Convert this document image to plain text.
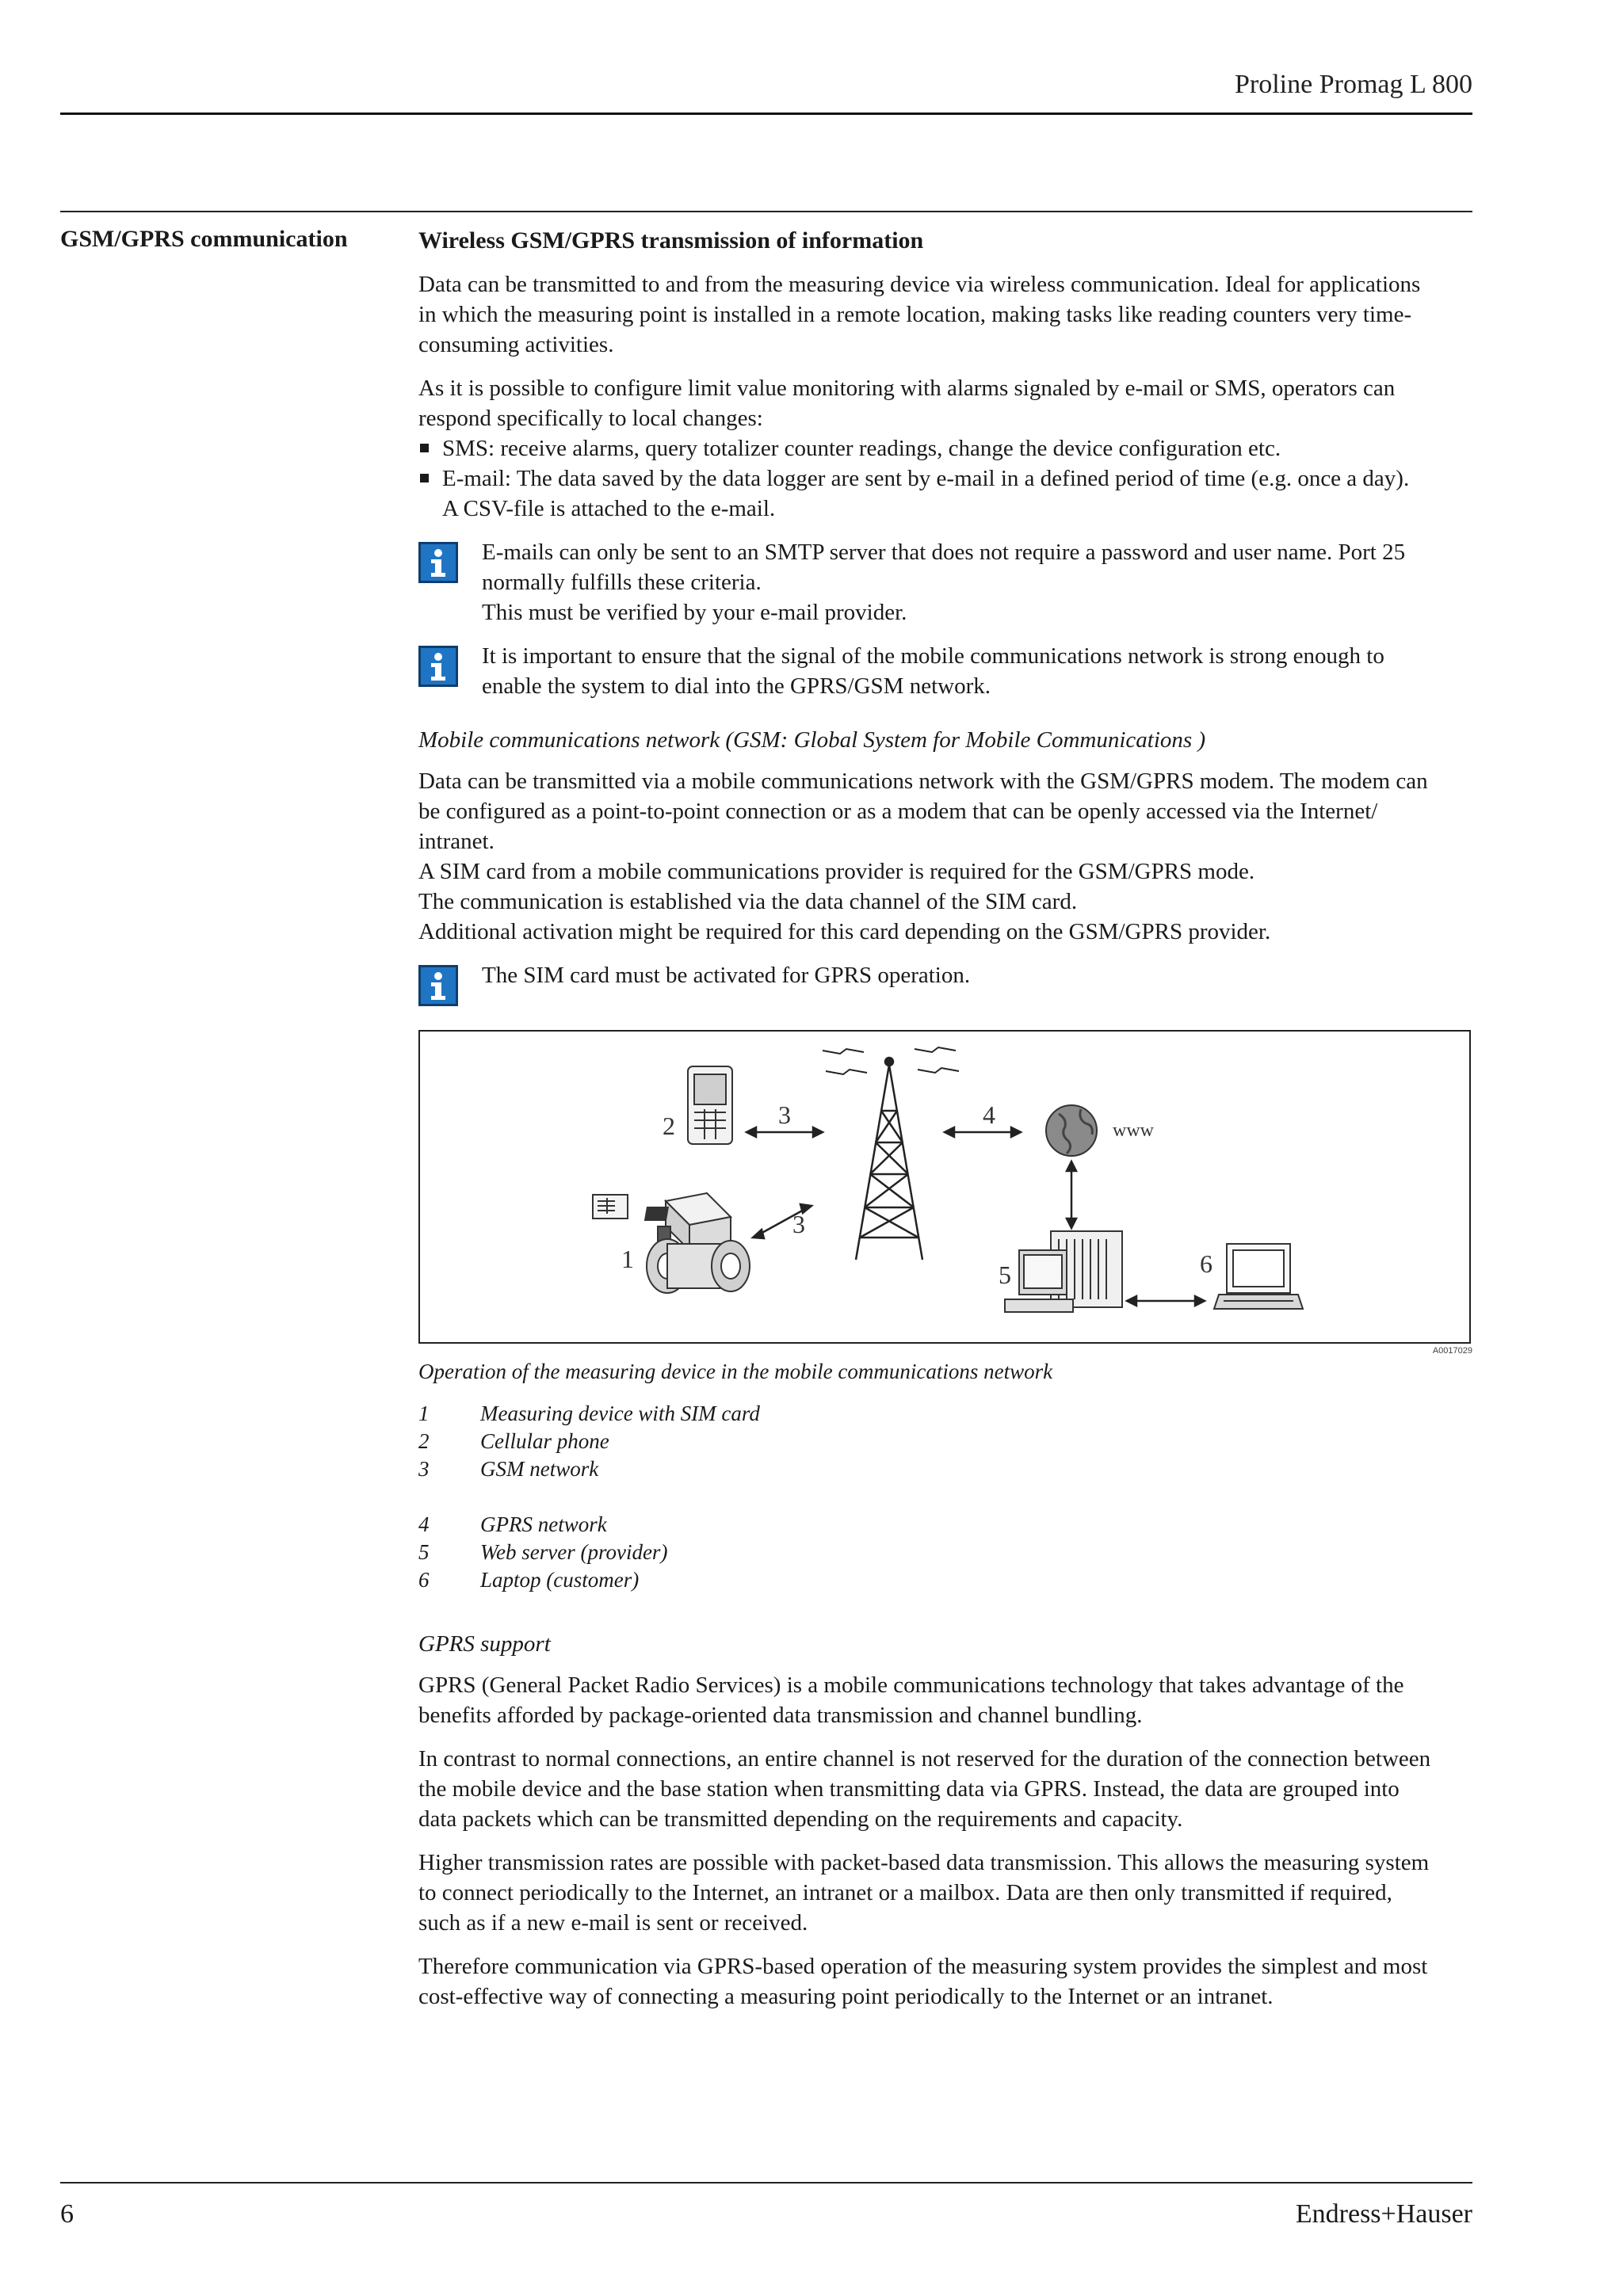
Proline Promag L 800
GSM/GPRS communication	Wireless GSM/GPRS transmission of information

Data can be transmitted to and from the measuring device via wireless communication. Ideal for applications
in which the measuring point is installed in a remote location, making tasks like reading counters very time-
consuming activities.

As it is possible to configure limit value monitoring with alarms signaled by e-mail or SMS, operators can
respond specifically to local changes:

SMS: receive alarms, query totalizer counter readings, change the device configuration etc.
E-mail: The data saved by the data logger are sent by e-mail in a defined period of time (e.g. once a day).
A CSV-file is attached to the e-mail.
E-mails can only be sent to an SMTP server that does not require a password and user name. Port 25
normally fulfills these criteria.
This must be verified by your e-mail provider.
It is important to ensure that the signal of the mobile communications network is strong enough to
enable the system to dial into the GPRS/GSM network.

Mobile communications network (GSM: Global System for Mobile Communications )

Data can be transmitted via a mobile communications network with the GSM/GPRS modem. The modem can
be configured as a point-to-point connection or as a modem that can be openly accessed via the Internet/
intranet.
A SIM card from a mobile communications provider is required for the GSM/GPRS mode.
The communication is established via the data channel of the SIM card.
Additional activation might be required for this card depending on the GSM/GPRS provider.

The SIM card must be activated for GPRS operation.
2	3	4
www
5	6
3
1
A0017029

Operation of the measuring device in the mobile communications network

1	Measuring device with SIM card
2	Cellular phone
3	GSM network
4	GPRS network
5	Web server (provider)
6	Laptop (customer)

GPRS support

GPRS (General Packet Radio Services) is a mobile communications technology that takes advantage of the
benefits afforded by package-oriented data transmission and channel bundling.

In contrast to normal connections, an entire channel is not reserved for the duration of the connection between
the mobile device and the base station when transmitting data via GPRS. Instead, the data are grouped into
data packets which can be transmitted depending on the requirements and capacity.

Higher transmission rates are possible with packet-based data transmission. This allows the measuring system
to connect periodically to the Internet, an intranet or a mailbox. Data are then only transmitted if required,
such as if a new e-mail is sent or received.

Therefore communication via GPRS-based operation of the measuring system provides the simplest and most
cost-effective way of connecting a measuring point periodically to the Internet or an intranet.

6	Endress+Hauser
